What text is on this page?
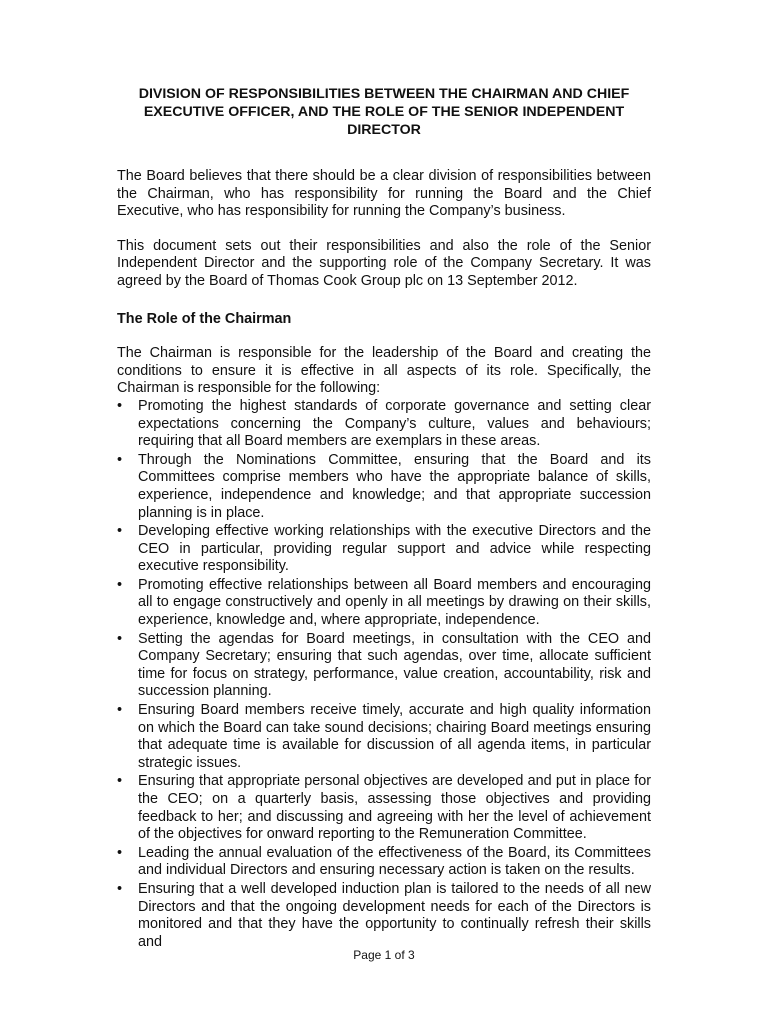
DIVISION OF RESPONSIBILITIES BETWEEN THE CHAIRMAN AND CHIEF EXECUTIVE OFFICER, AND THE ROLE OF THE SENIOR INDEPENDENT DIRECTOR

The Board believes that there should be a clear division of responsibilities between the Chairman, who has responsibility for running the Board and the Chief Executive, who has responsibility for running the Company’s business.

This document sets out their responsibilities and also the role of the Senior Independent Director and the supporting role of the Company Secretary. It was agreed by the Board of Thomas Cook Group plc on 13 September 2012.

The Role of the Chairman

The Chairman is responsible for the leadership of the Board and creating the conditions to ensure it is effective in all aspects of its role. Specifically, the Chairman is responsible for the following:

• Promoting the highest standards of corporate governance and setting clear expectations concerning the Company’s culture, values and behaviours; requiring that all Board members are exemplars in these areas.
• Through the Nominations Committee, ensuring that the Board and its Committees comprise members who have the appropriate balance of skills, experience, independence and knowledge; and that appropriate succession planning is in place.
• Developing effective working relationships with the executive Directors and the CEO in particular, providing regular support and advice while respecting executive responsibility.
• Promoting effective relationships between all Board members and encouraging all to engage constructively and openly in all meetings by drawing on their skills, experience, knowledge and, where appropriate, independence.
• Setting the agendas for Board meetings, in consultation with the CEO and Company Secretary; ensuring that such agendas, over time, allocate sufficient time for focus on strategy, performance, value creation, accountability, risk and succession planning.
• Ensuring Board members receive timely, accurate and high quality information on which the Board can take sound decisions; chairing Board meetings ensuring that adequate time is available for discussion of all agenda items, in particular strategic issues.
• Ensuring that appropriate personal objectives are developed and put in place for the CEO; on a quarterly basis, assessing those objectives and providing feedback to her; and discussing and agreeing with her the level of achievement of the objectives for onward reporting to the Remuneration Committee.
• Leading the annual evaluation of the effectiveness of the Board, its Committees and individual Directors and ensuring necessary action is taken on the results.
• Ensuring that a well developed induction plan is tailored to the needs of all new Directors and that the ongoing development needs for each of the Directors is monitored and that they have the opportunity to continually refresh their skills and
Page 1 of 3
